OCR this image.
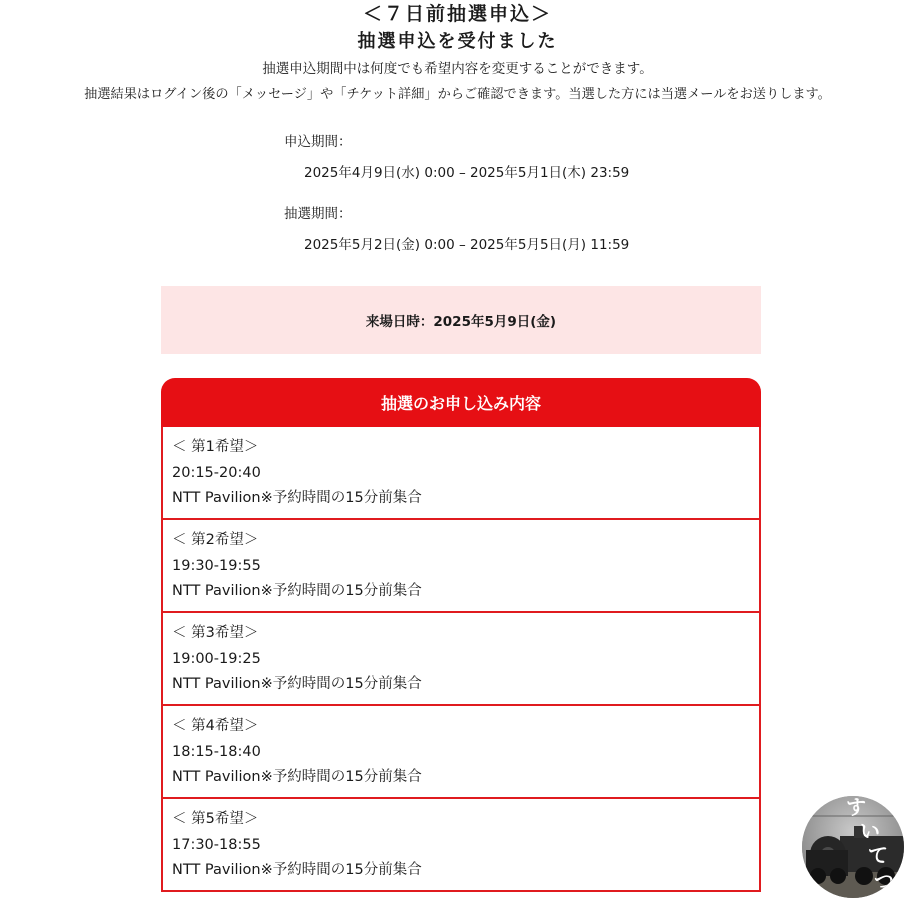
＜７日前抽選申込＞
抽選申込を受付ました
抽選申込期間中は何度でも希望内容を変更することができます。
抽選結果はログイン後の「メッセージ」や「チケット詳細」からご確認できます。当選した方には当選メールをお送りします。
申込期間：
2025年4月9日(水) 0:00 – 2025年5月1日(木) 23:59
抽選期間：
2025年5月2日(金) 0:00 – 2025年5月5日(月) 11:59
来場日時：2025年5月9日(金)
抽選のお申し込み内容
＜ 第1希望＞
20:15-20:40
NTT Pavilion※予約時間の15分前集合
＜ 第2希望＞
19:30-19:55
NTT Pavilion※予約時間の15分前集合
＜ 第3希望＞
19:00-19:25
NTT Pavilion※予約時間の15分前集合
＜ 第4希望＞
18:15-18:40
NTT Pavilion※予約時間の15分前集合
＜ 第5希望＞
17:30-18:55
NTT Pavilion※予約時間の15分前集合
す
い
て
つ
